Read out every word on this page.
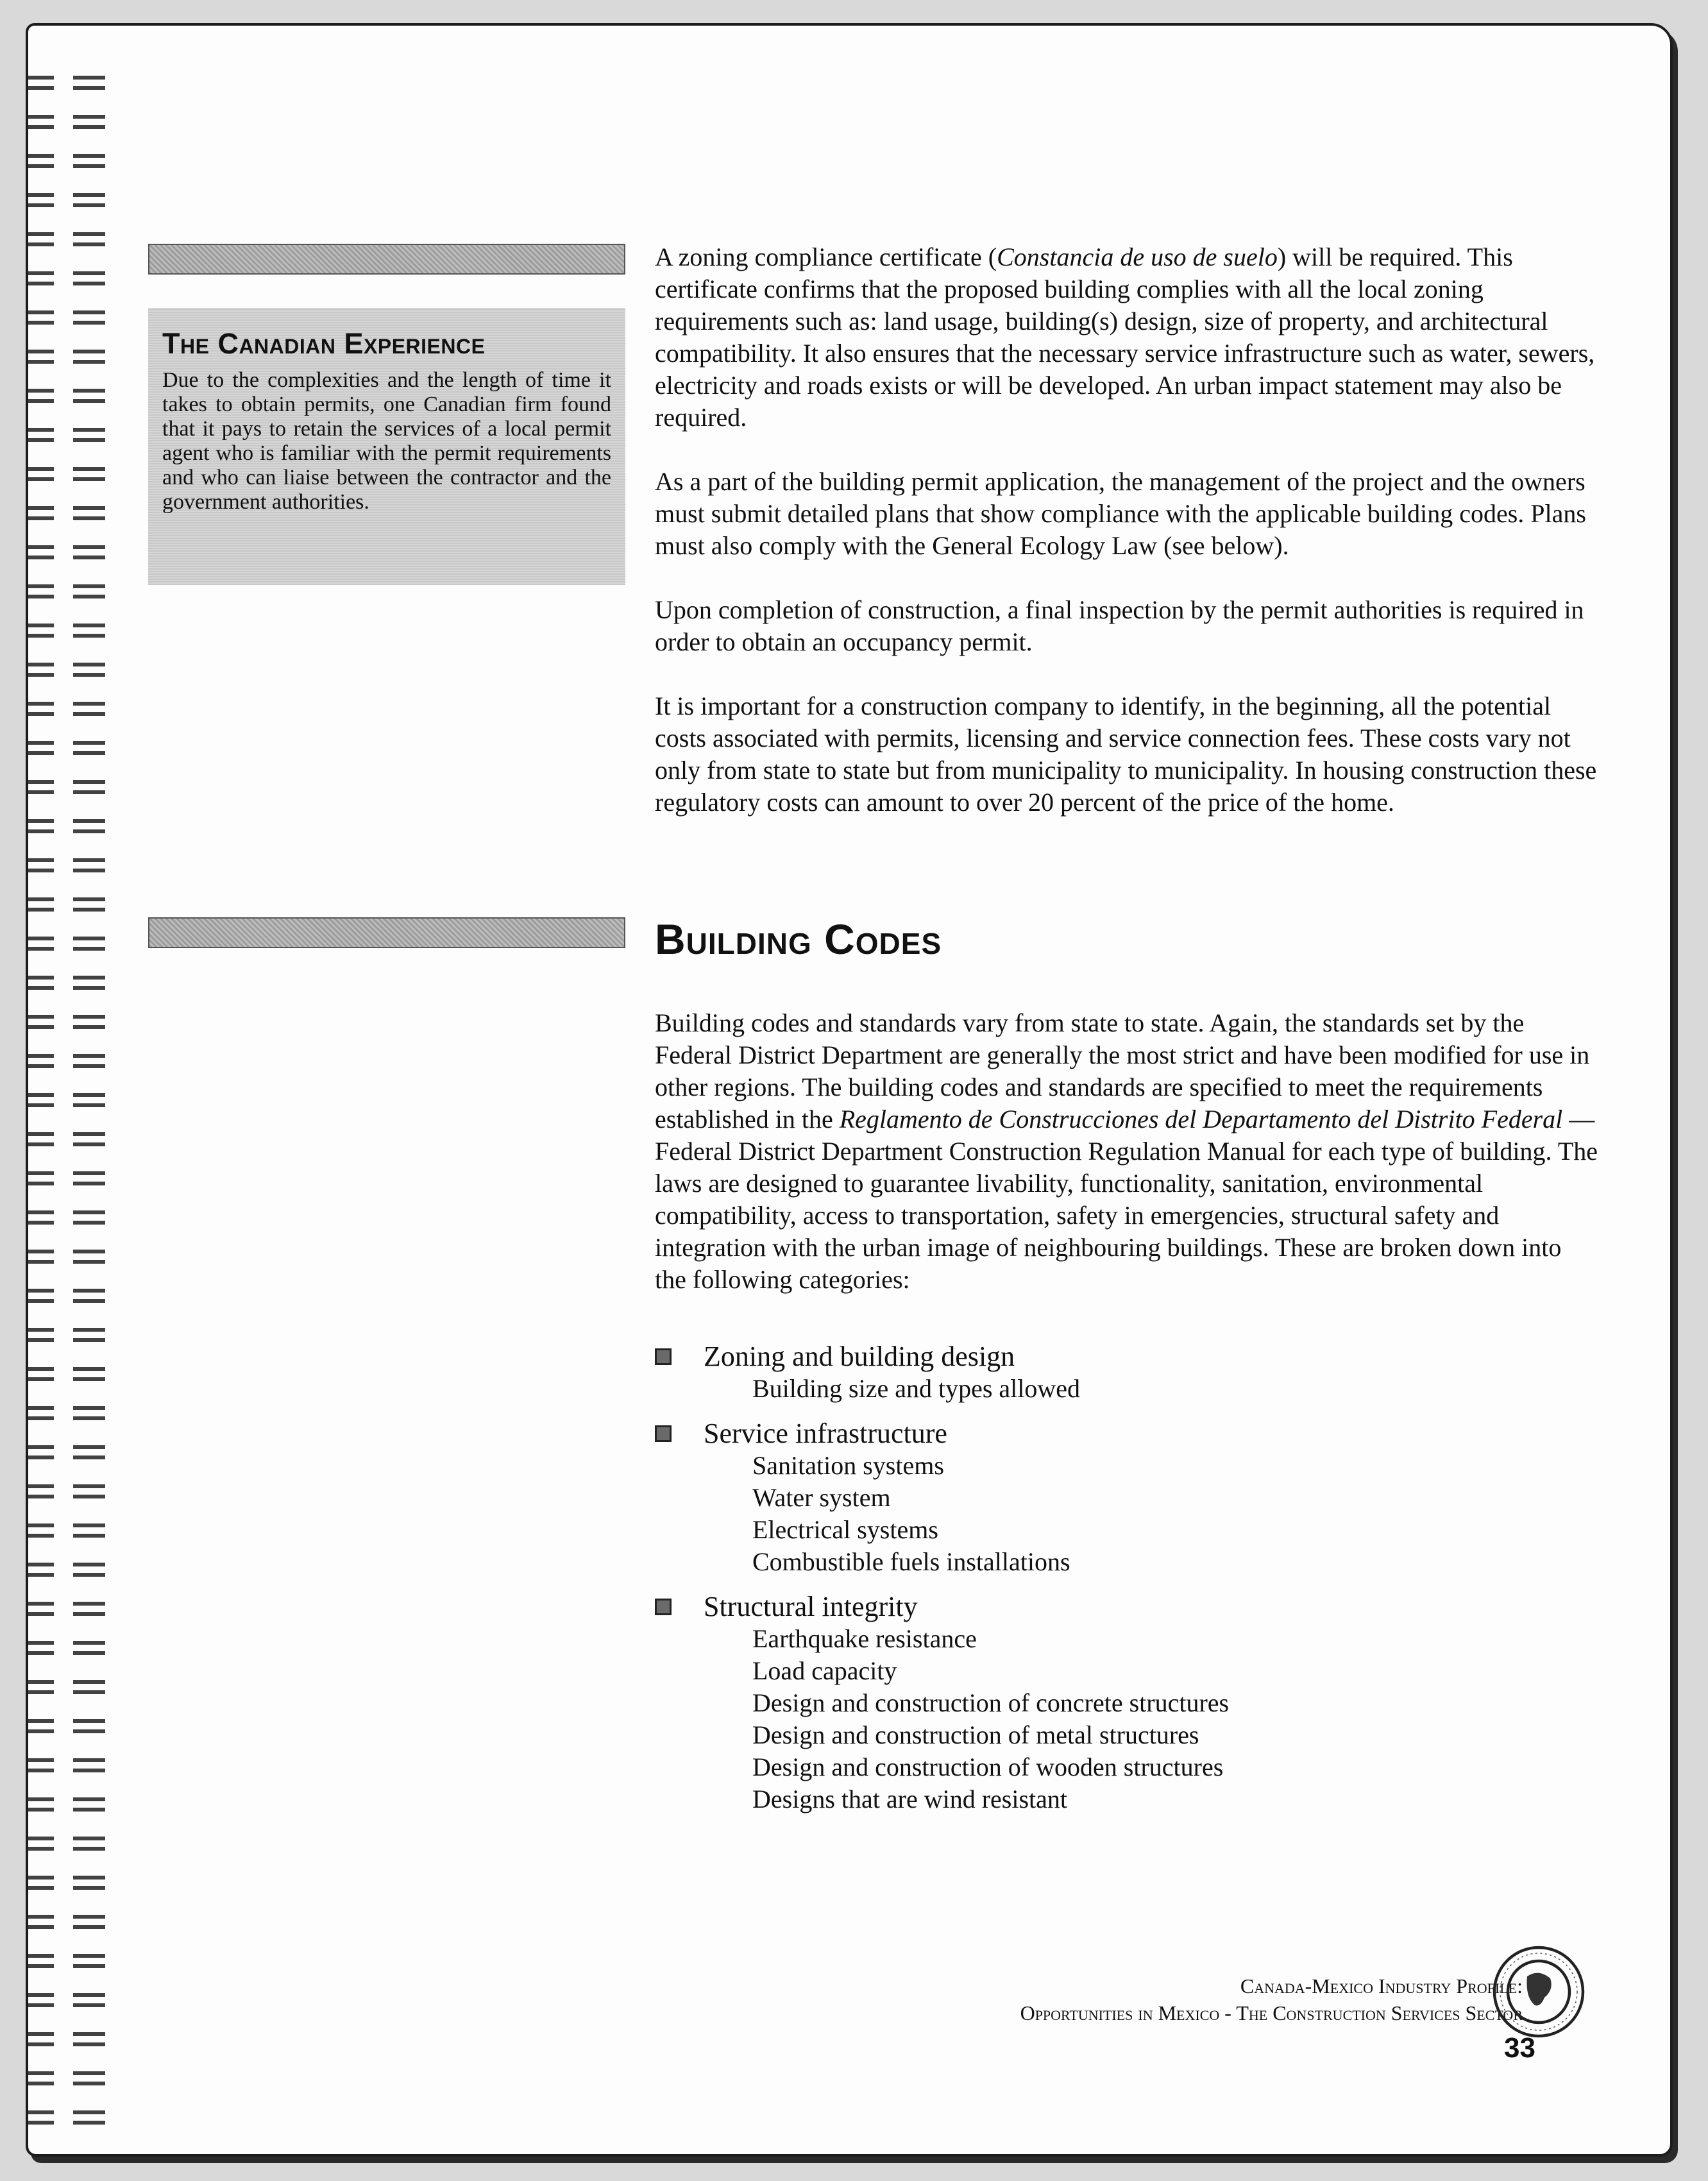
The Canadian Experience

Due to the complexities and the length of time it takes to obtain permits, one Canadian firm found that it pays to retain the services of a local permit agent who is familiar with the permit requirements and who can liaise between the contractor and the government authorities.

A zoning compliance certificate (Constancia de uso de suelo) will be required. This certificate confirms that the proposed building complies with all the local zoning requirements such as: land usage, building(s) design, size of property, and architectural compatibility. It also ensures that the necessary service infrastructure such as water, sewers, electricity and roads exists or will be developed. An urban impact statement may also be required.

As a part of the building permit application, the management of the project and the owners must submit detailed plans that show compliance with the applicable building codes. Plans must also comply with the General Ecology Law (see below).

Upon completion of construction, a final inspection by the permit authorities is required in order to obtain an occupancy permit.

It is important for a construction company to identify, in the beginning, all the potential costs associated with permits, licensing and service connection fees. These costs vary not only from state to state but from municipality to municipality. In housing construction these regulatory costs can amount to over 20 percent of the price of the home.

Building Codes

Building codes and standards vary from state to state. Again, the standards set by the Federal District Department are generally the most strict and have been modified for use in other regions. The building codes and standards are specified to meet the requirements established in the Reglamento de Construcciones del Departamento del Distrito Federal — Federal District Department Construction Regulation Manual for each type of building. The laws are designed to guarantee livability, functionality, sanitation, environmental compatibility, access to transportation, safety in emergencies, structural safety and integration with the urban image of neighbouring buildings. These are broken down into the following categories:

Zoning and building design
Building size and types allowed
Service infrastructure
Sanitation systems
Water system
Electrical systems
Combustible fuels installations
Structural integrity
Earthquake resistance
Load capacity
Design and construction of concrete structures
Design and construction of metal structures
Design and construction of wooden structures
Designs that are wind resistant
Canada-Mexico Industry Profile:
Opportunities in Mexico - The Construction Services Sector
33
